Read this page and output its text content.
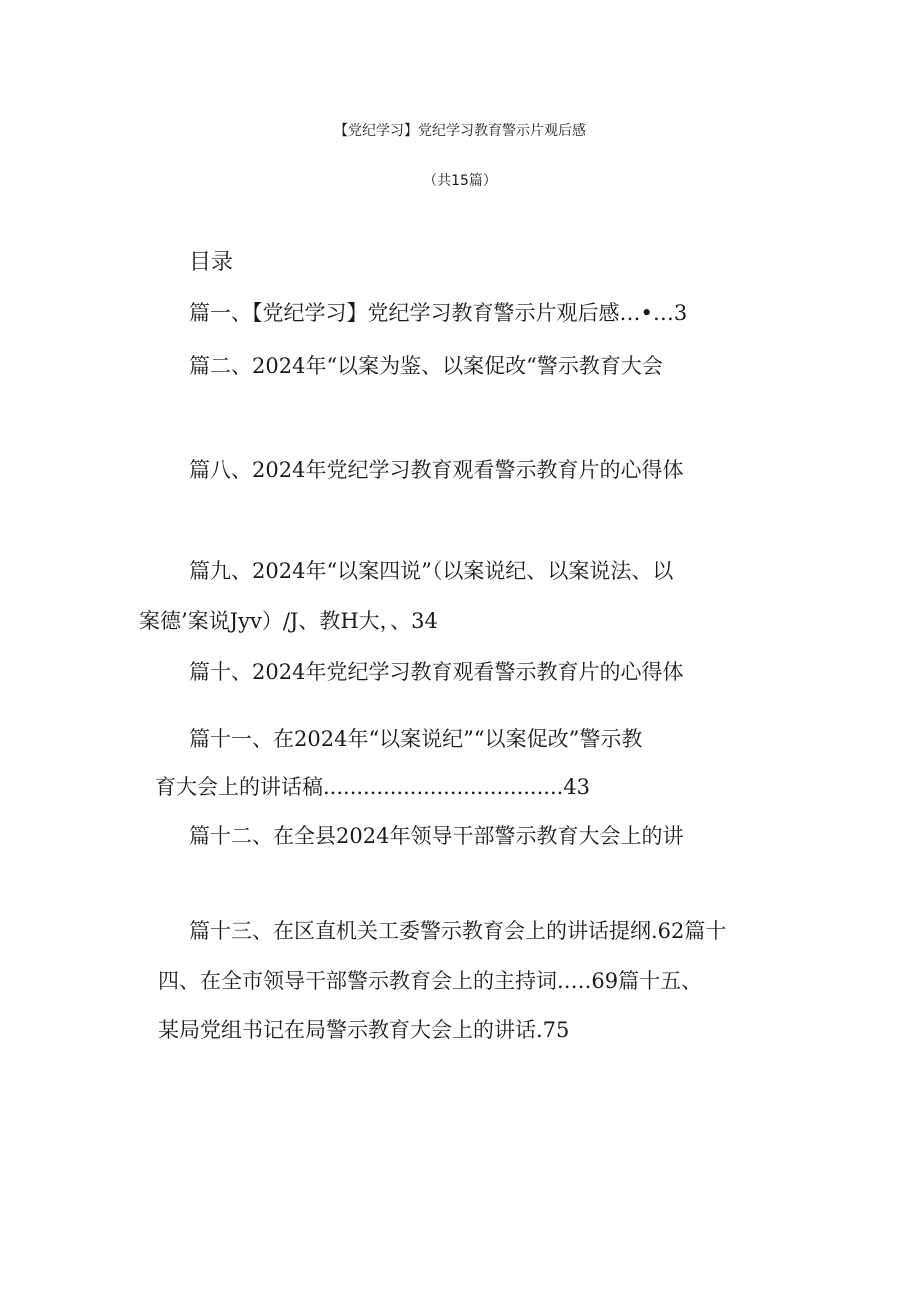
【党纪学习】党纪学习教育警示片观后感
（共15篇）
目录
篇一、【党纪学习】党纪学习教育警示片观后感…•…3
篇二、2024年“以案为鉴、以案促改“警示教育大会
篇八、2024年党纪学习教育观看警示教育片的心得体
篇九、2024年“以案四说”（以案说纪、以案说法、以
案德’案说Jyv）/J、教H大，、34
篇十、2024年党纪学习教育观看警示教育片的心得体
篇十一、在2024年“以案说纪”“以案促改”警示教
育大会上的讲话稿....................................43
篇十二、在全县2024年领导干部警示教育大会上的讲
篇十三、在区直机关工委警示教育会上的讲话提纲.62篇十
四、在全市领导干部警示教育会上的主持词.….69篇十五、
某局党组书记在局警示教育大会上的讲话.75
